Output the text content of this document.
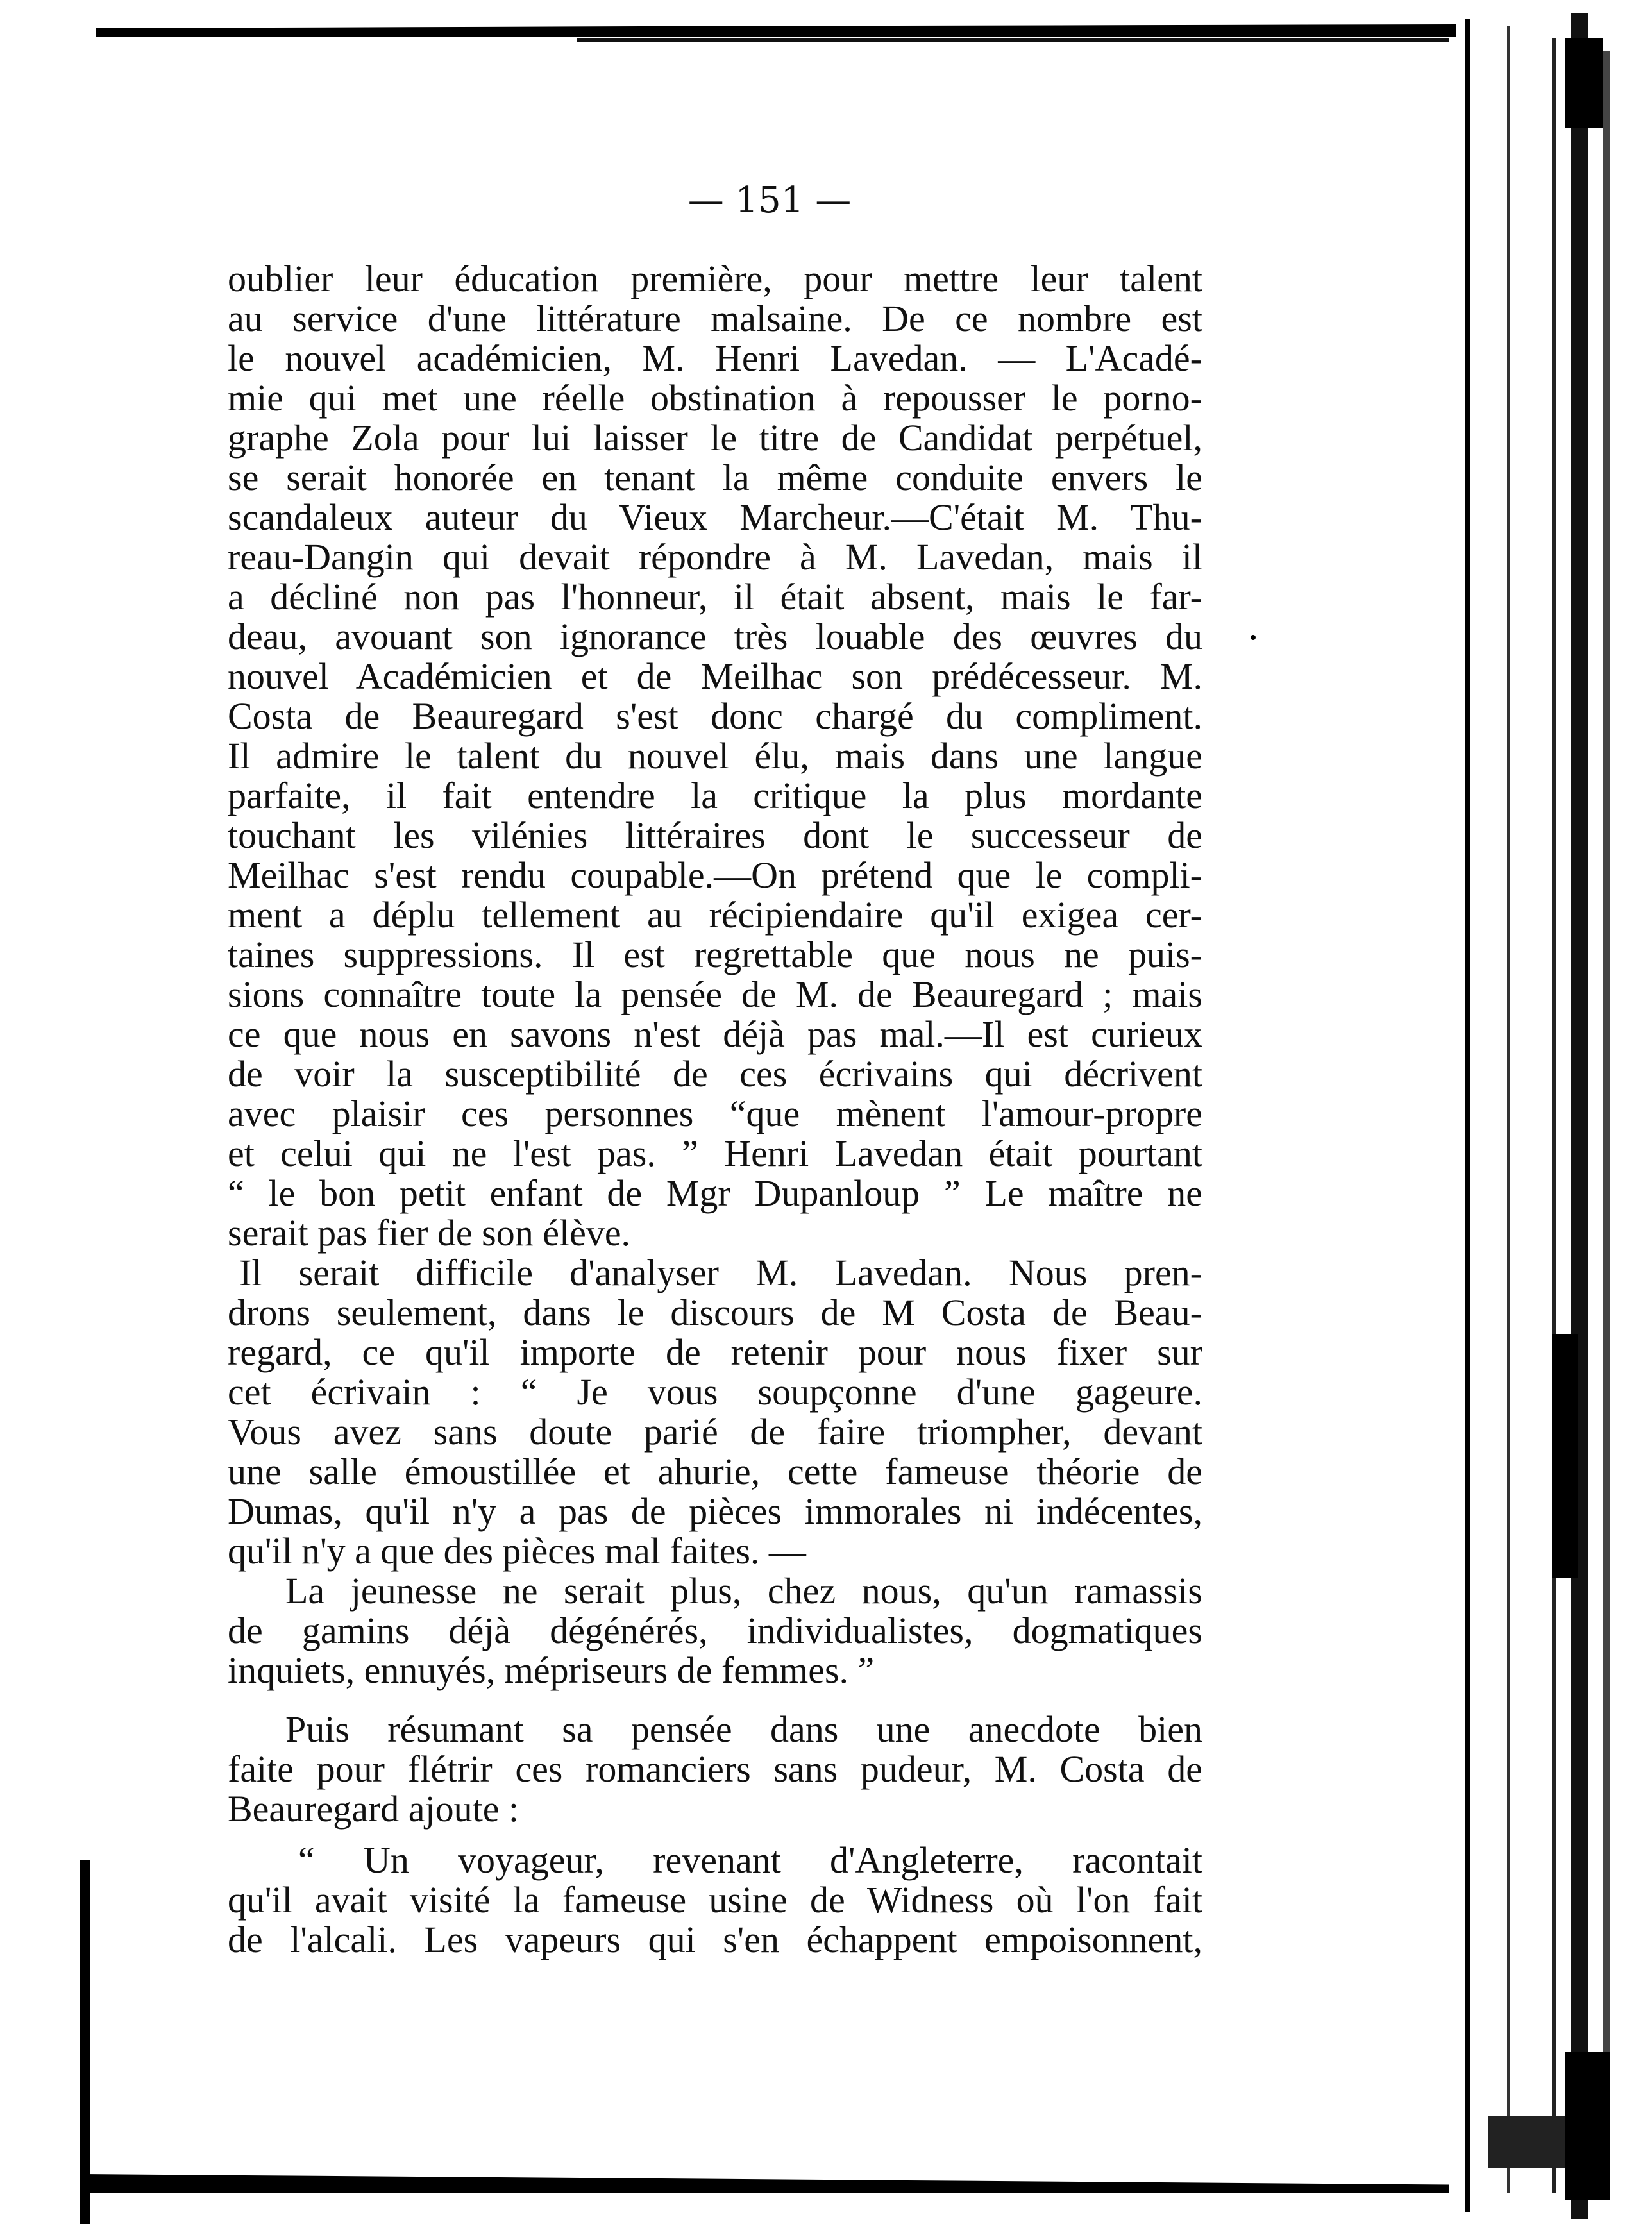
— 151 —
oublier leur éducation première, pour mettre leur talent
au service d'une littérature malsaine. De ce nombre est
le nouvel académicien, M. Henri Lavedan. — L'Acadé-
mie qui met une réelle obstination à repousser le porno-
graphe Zola pour lui laisser le titre de Candidat perpétuel,
se serait honorée en tenant la même conduite envers le
scandaleux auteur du Vieux Marcheur.—C'était M. Thu-
reau-Dangin qui devait répondre à M. Lavedan, mais il
a décliné non pas l'honneur, il était absent, mais le far-
deau, avouant son ignorance très louable des œuvres du
nouvel Académicien et de Meilhac son prédécesseur. M.
Costa de Beauregard s'est donc chargé du compliment.
Il admire le talent du nouvel élu, mais dans une langue
parfaite, il fait entendre la critique la plus mordante
touchant les vilénies littéraires dont le successeur de
Meilhac s'est rendu coupable.—On prétend que le compli-
ment a déplu tellement au récipiendaire qu'il exigea cer-
taines suppressions. Il est regrettable que nous ne puis-
sions connaître toute la pensée de M. de Beauregard ; mais
ce que nous en savons n'est déjà pas mal.—Il est curieux
de voir la susceptibilité de ces écrivains qui décrivent
avec plaisir ces personnes “que mènent l'amour-propre
et celui qui ne l'est pas. ” Henri Lavedan était pourtant
“ le bon petit enfant de Mgr Dupanloup ” Le maître ne
serait pas fier de son élève.
Il serait difficile d'analyser M. Lavedan. Nous pren-
drons seulement, dans le discours de M Costa de Beau-
regard, ce qu'il importe de retenir pour nous fixer sur
cet écrivain : “ Je vous soupçonne d'une gageure.
Vous avez sans doute parié de faire triompher, devant
une salle émoustillée et ahurie, cette fameuse théorie de
Dumas, qu'il n'y a pas de pièces immorales ni indécentes,
qu'il n'y a que des pièces mal faites. —
La jeunesse ne serait plus, chez nous, qu'un ramassis
de gamins déjà dégénérés, individualistes, dogmatiques
inquiets, ennuyés, mépriseurs de femmes. ”
Puis résumant sa pensée dans une anecdote bien
faite pour flétrir ces romanciers sans pudeur, M. Costa de
Beauregard ajoute :
“ Un voyageur, revenant d'Angleterre, racontait
qu'il avait visité la fameuse usine de Widness où l'on fait
de l'alcali. Les vapeurs qui s'en échappent empoisonnent,
